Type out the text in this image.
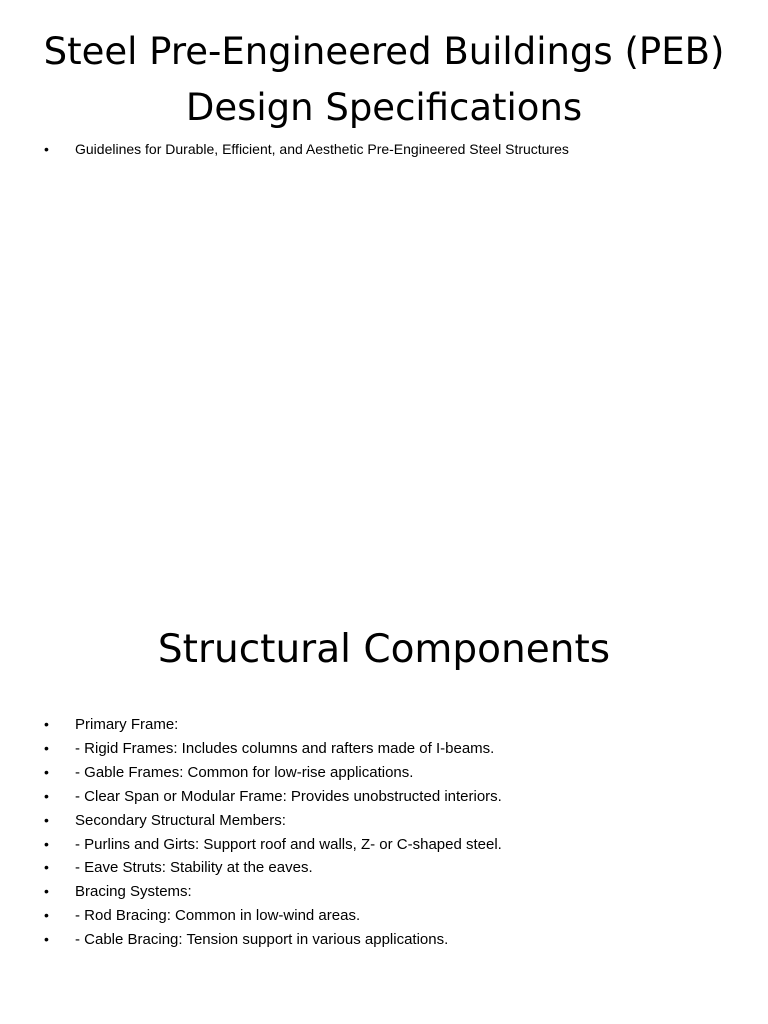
Steel Pre-Engineered Buildings (PEB) Design Specifications
• Guidelines for Durable, Efficient, and Aesthetic Pre-Engineered Steel Structures
Structural Components
• Primary Frame:
• - Rigid Frames: Includes columns and rafters made of I-beams.
• - Gable Frames: Common for low-rise applications.
• - Clear Span or Modular Frame: Provides unobstructed interiors.
• Secondary Structural Members:
• - Purlins and Girts: Support roof and walls, Z- or C-shaped steel.
• - Eave Struts: Stability at the eaves.
• Bracing Systems:
• - Rod Bracing: Common in low-wind areas.
• - Cable Bracing: Tension support in various applications.
